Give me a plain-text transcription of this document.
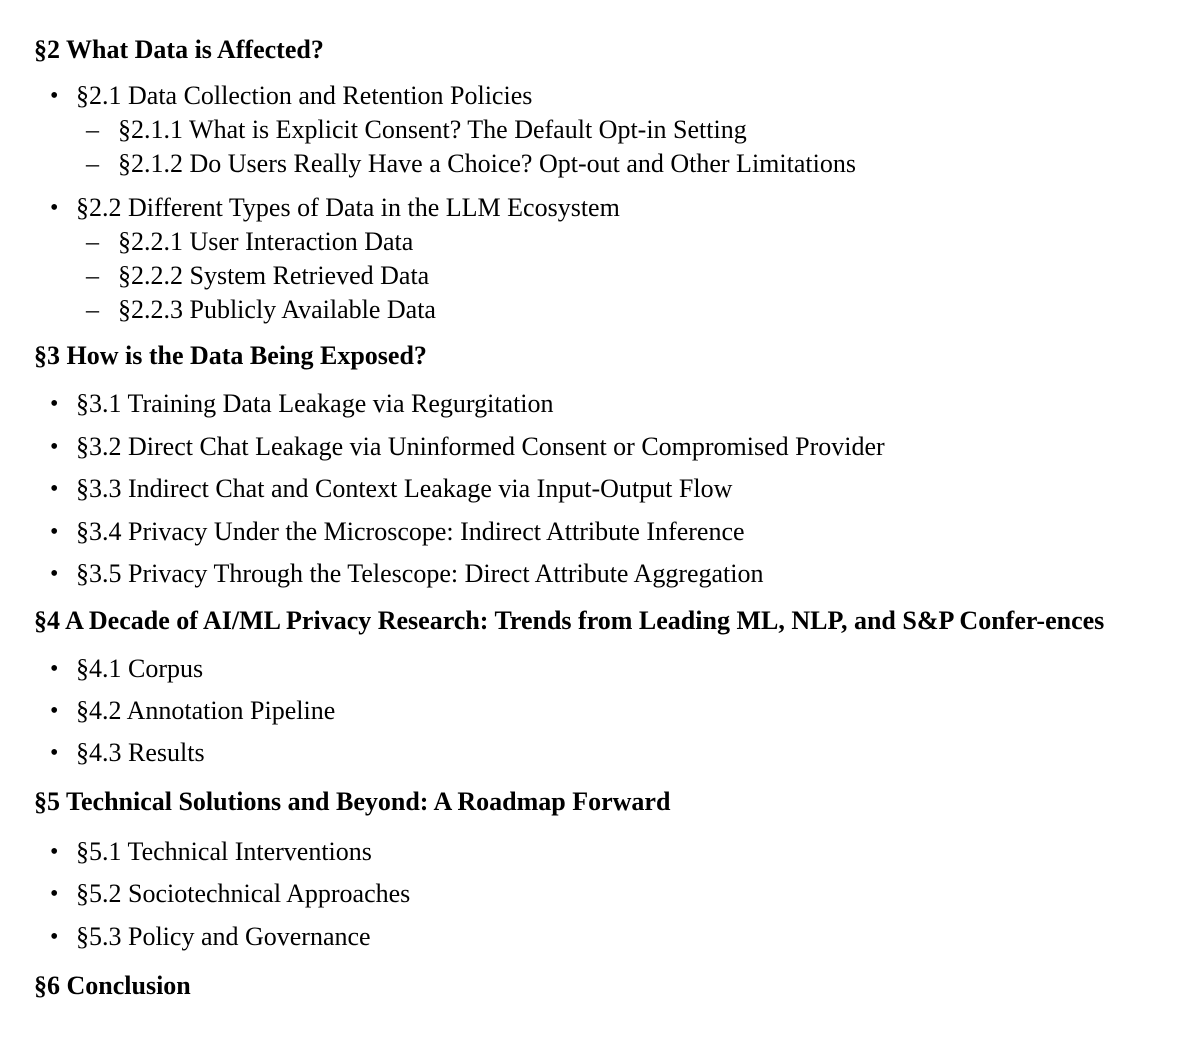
§2 What Data is Affected?
• §2.1 Data Collection and Retention Policies
– §2.1.1 What is Explicit Consent? The Default Opt-in Setting
– §2.1.2 Do Users Really Have a Choice? Opt-out and Other Limitations
• §2.2 Different Types of Data in the LLM Ecosystem
– §2.2.1 User Interaction Data
– §2.2.2 System Retrieved Data
– §2.2.3 Publicly Available Data
§3 How is the Data Being Exposed?
• §3.1 Training Data Leakage via Regurgitation
• §3.2 Direct Chat Leakage via Uninformed Consent or Compromised Provider
• §3.3 Indirect Chat and Context Leakage via Input-Output Flow
• §3.4 Privacy Under the Microscope: Indirect Attribute Inference
• §3.5 Privacy Through the Telescope: Direct Attribute Aggregation
§4 A Decade of AI/ML Privacy Research: Trends from Leading ML, NLP, and S&P Confer-ences
• §4.1 Corpus
• §4.2 Annotation Pipeline
• §4.3 Results
§5 Technical Solutions and Beyond: A Roadmap Forward
• §5.1 Technical Interventions
• §5.2 Sociotechnical Approaches
• §5.3 Policy and Governance
§6 Conclusion
